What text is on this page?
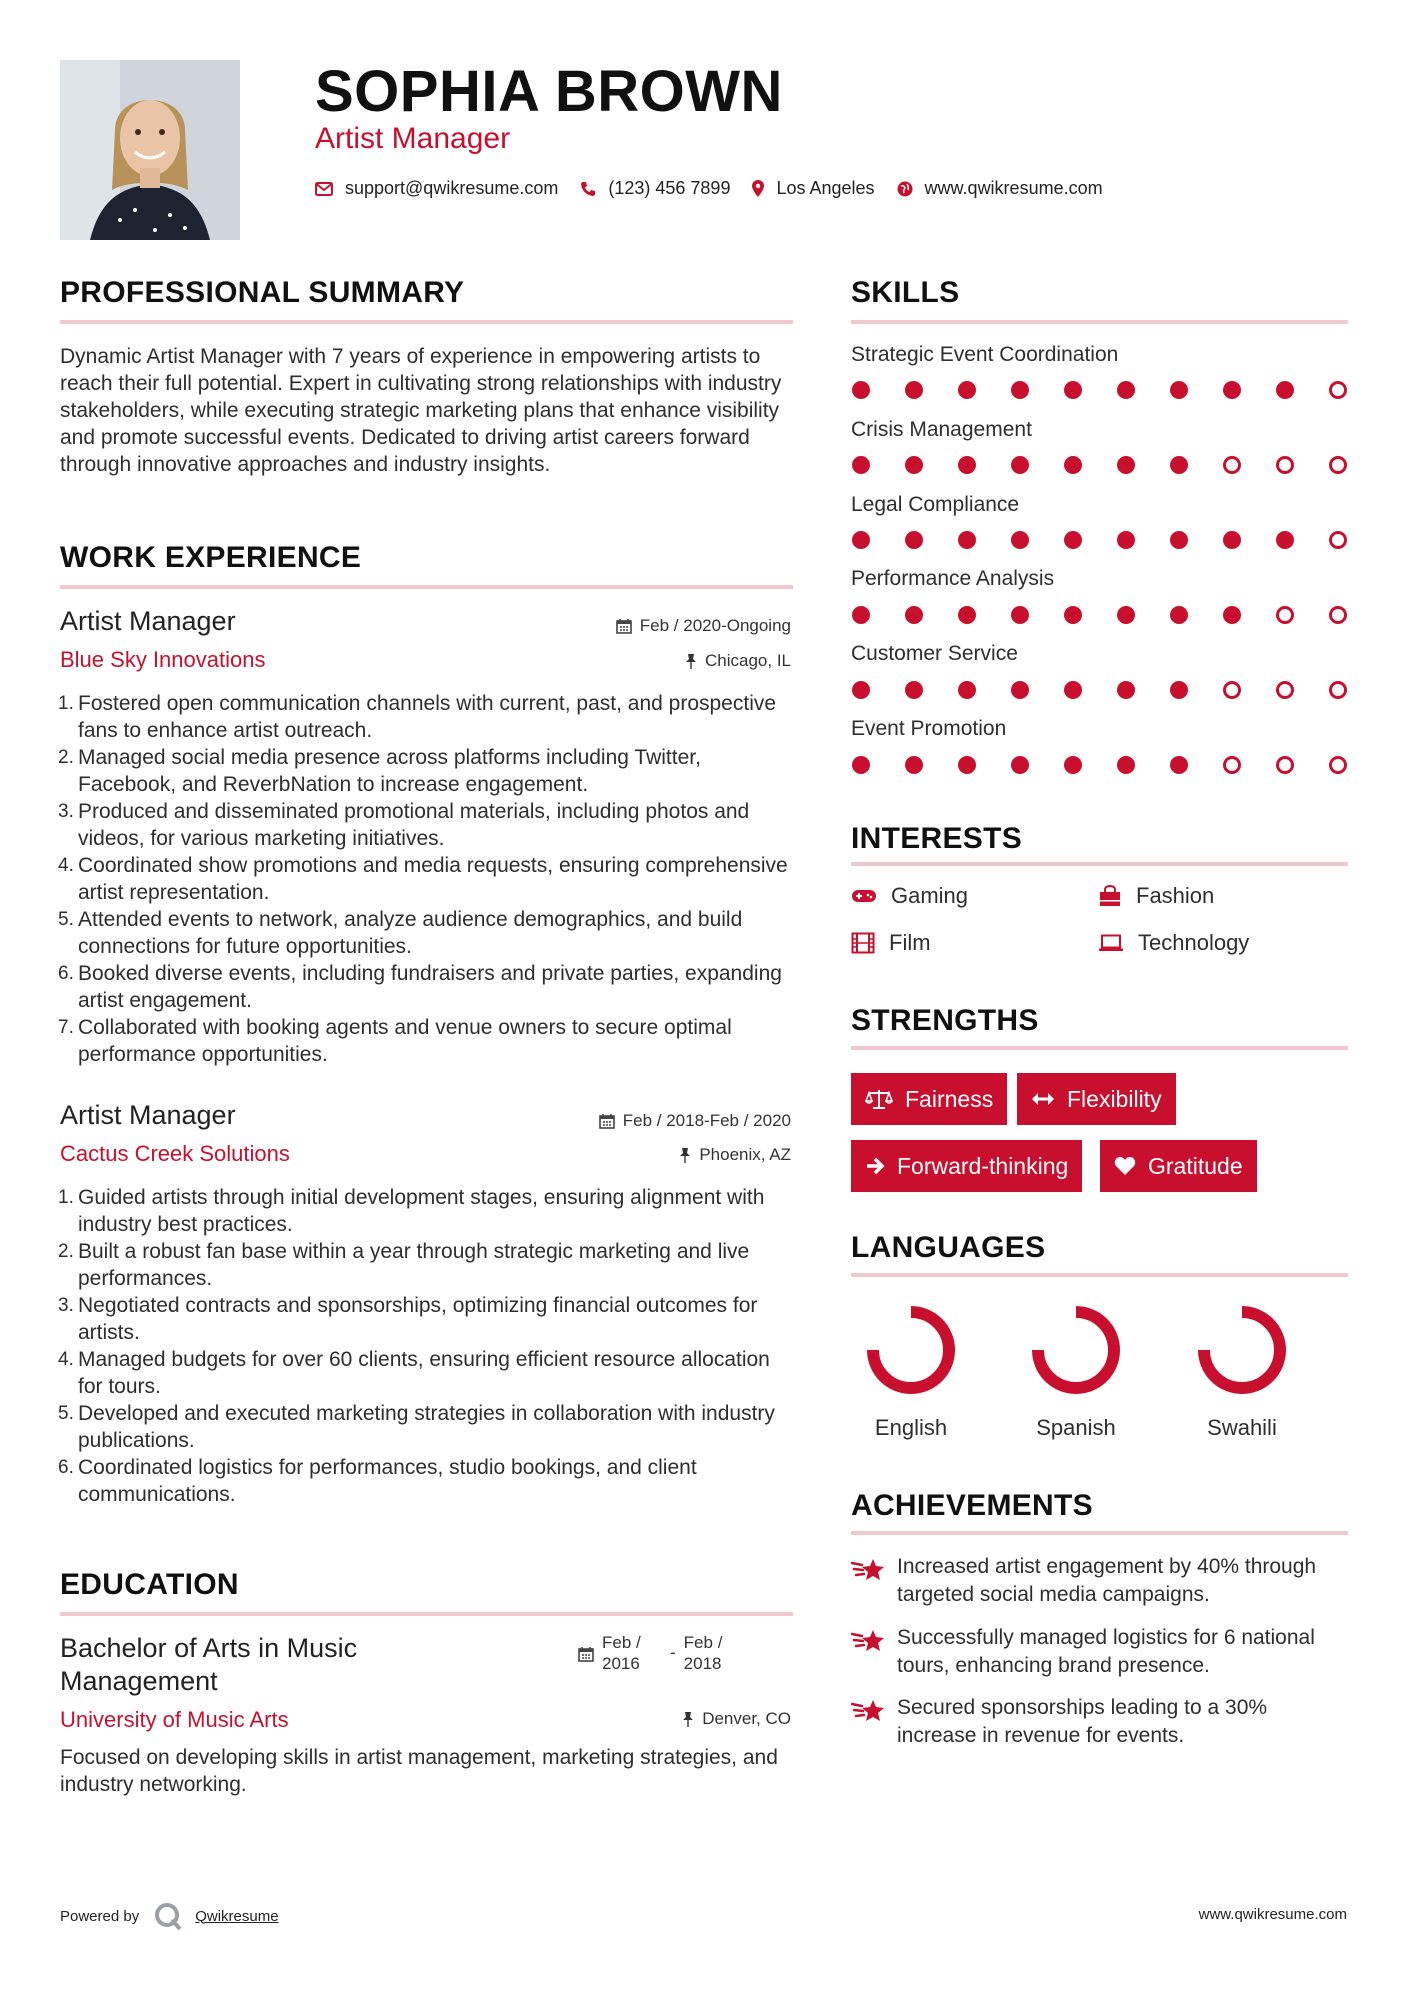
SOPHIA BROWN
Artist Manager
support@qwikresume.com	(123) 456 7899	Los Angeles	www.qwikresume.com
PROFESSIONAL SUMMARY
Dynamic Artist Manager with 7 years of experience in empowering artists to reach their full potential. Expert in cultivating strong relationships with industry stakeholders, while executing strategic marketing plans that enhance visibility and promote successful events. Dedicated to driving artist careers forward through innovative approaches and industry insights.
WORK EXPERIENCE
Artist Manager
Blue Sky Innovations
Feb / 2020-Ongoing
Chicago, IL
1. Fostered open communication channels with current, past, and prospective fans to enhance artist outreach.
2. Managed social media presence across platforms including Twitter, Facebook, and ReverbNation to increase engagement.
3. Produced and disseminated promotional materials, including photos and videos, for various marketing initiatives.
4. Coordinated show promotions and media requests, ensuring comprehensive artist representation.
5. Attended events to network, analyze audience demographics, and build connections for future opportunities.
6. Booked diverse events, including fundraisers and private parties, expanding artist engagement.
7. Collaborated with booking agents and venue owners to secure optimal performance opportunities.
Artist Manager
Cactus Creek Solutions
Feb / 2018-Feb / 2020
Phoenix, AZ
1. Guided artists through initial development stages, ensuring alignment with industry best practices.
2. Built a robust fan base within a year through strategic marketing and live performances.
3. Negotiated contracts and sponsorships, optimizing financial outcomes for artists.
4. Managed budgets for over 60 clients, ensuring efficient resource allocation for tours.
5. Developed and executed marketing strategies in collaboration with industry publications.
6. Coordinated logistics for performances, studio bookings, and client communications.
EDUCATION
Bachelor of Arts in Music Management
Feb / 2016
-
Feb / 2018
University of Music Arts	Denver, CO
Focused on developing skills in artist management, marketing strategies, and industry networking.
SKILLS
Strategic Event Coordination
Crisis Management
Legal Compliance
Performance Analysis
Customer Service
Event Promotion
INTERESTS
Gaming	Fashion
Film	Technology
STRENGTHS
Fairness	Flexibility
Forward-thinking	Gratitude
LANGUAGES
English	Spanish	Swahili
ACHIEVEMENTS
Increased artist engagement by 40% through targeted social media campaigns.
Successfully managed logistics for 6 national tours, enhancing brand presence.
Secured sponsorships leading to a 30% increase in revenue for events.
Powered by	Qwikresume	www.qwikresume.com
